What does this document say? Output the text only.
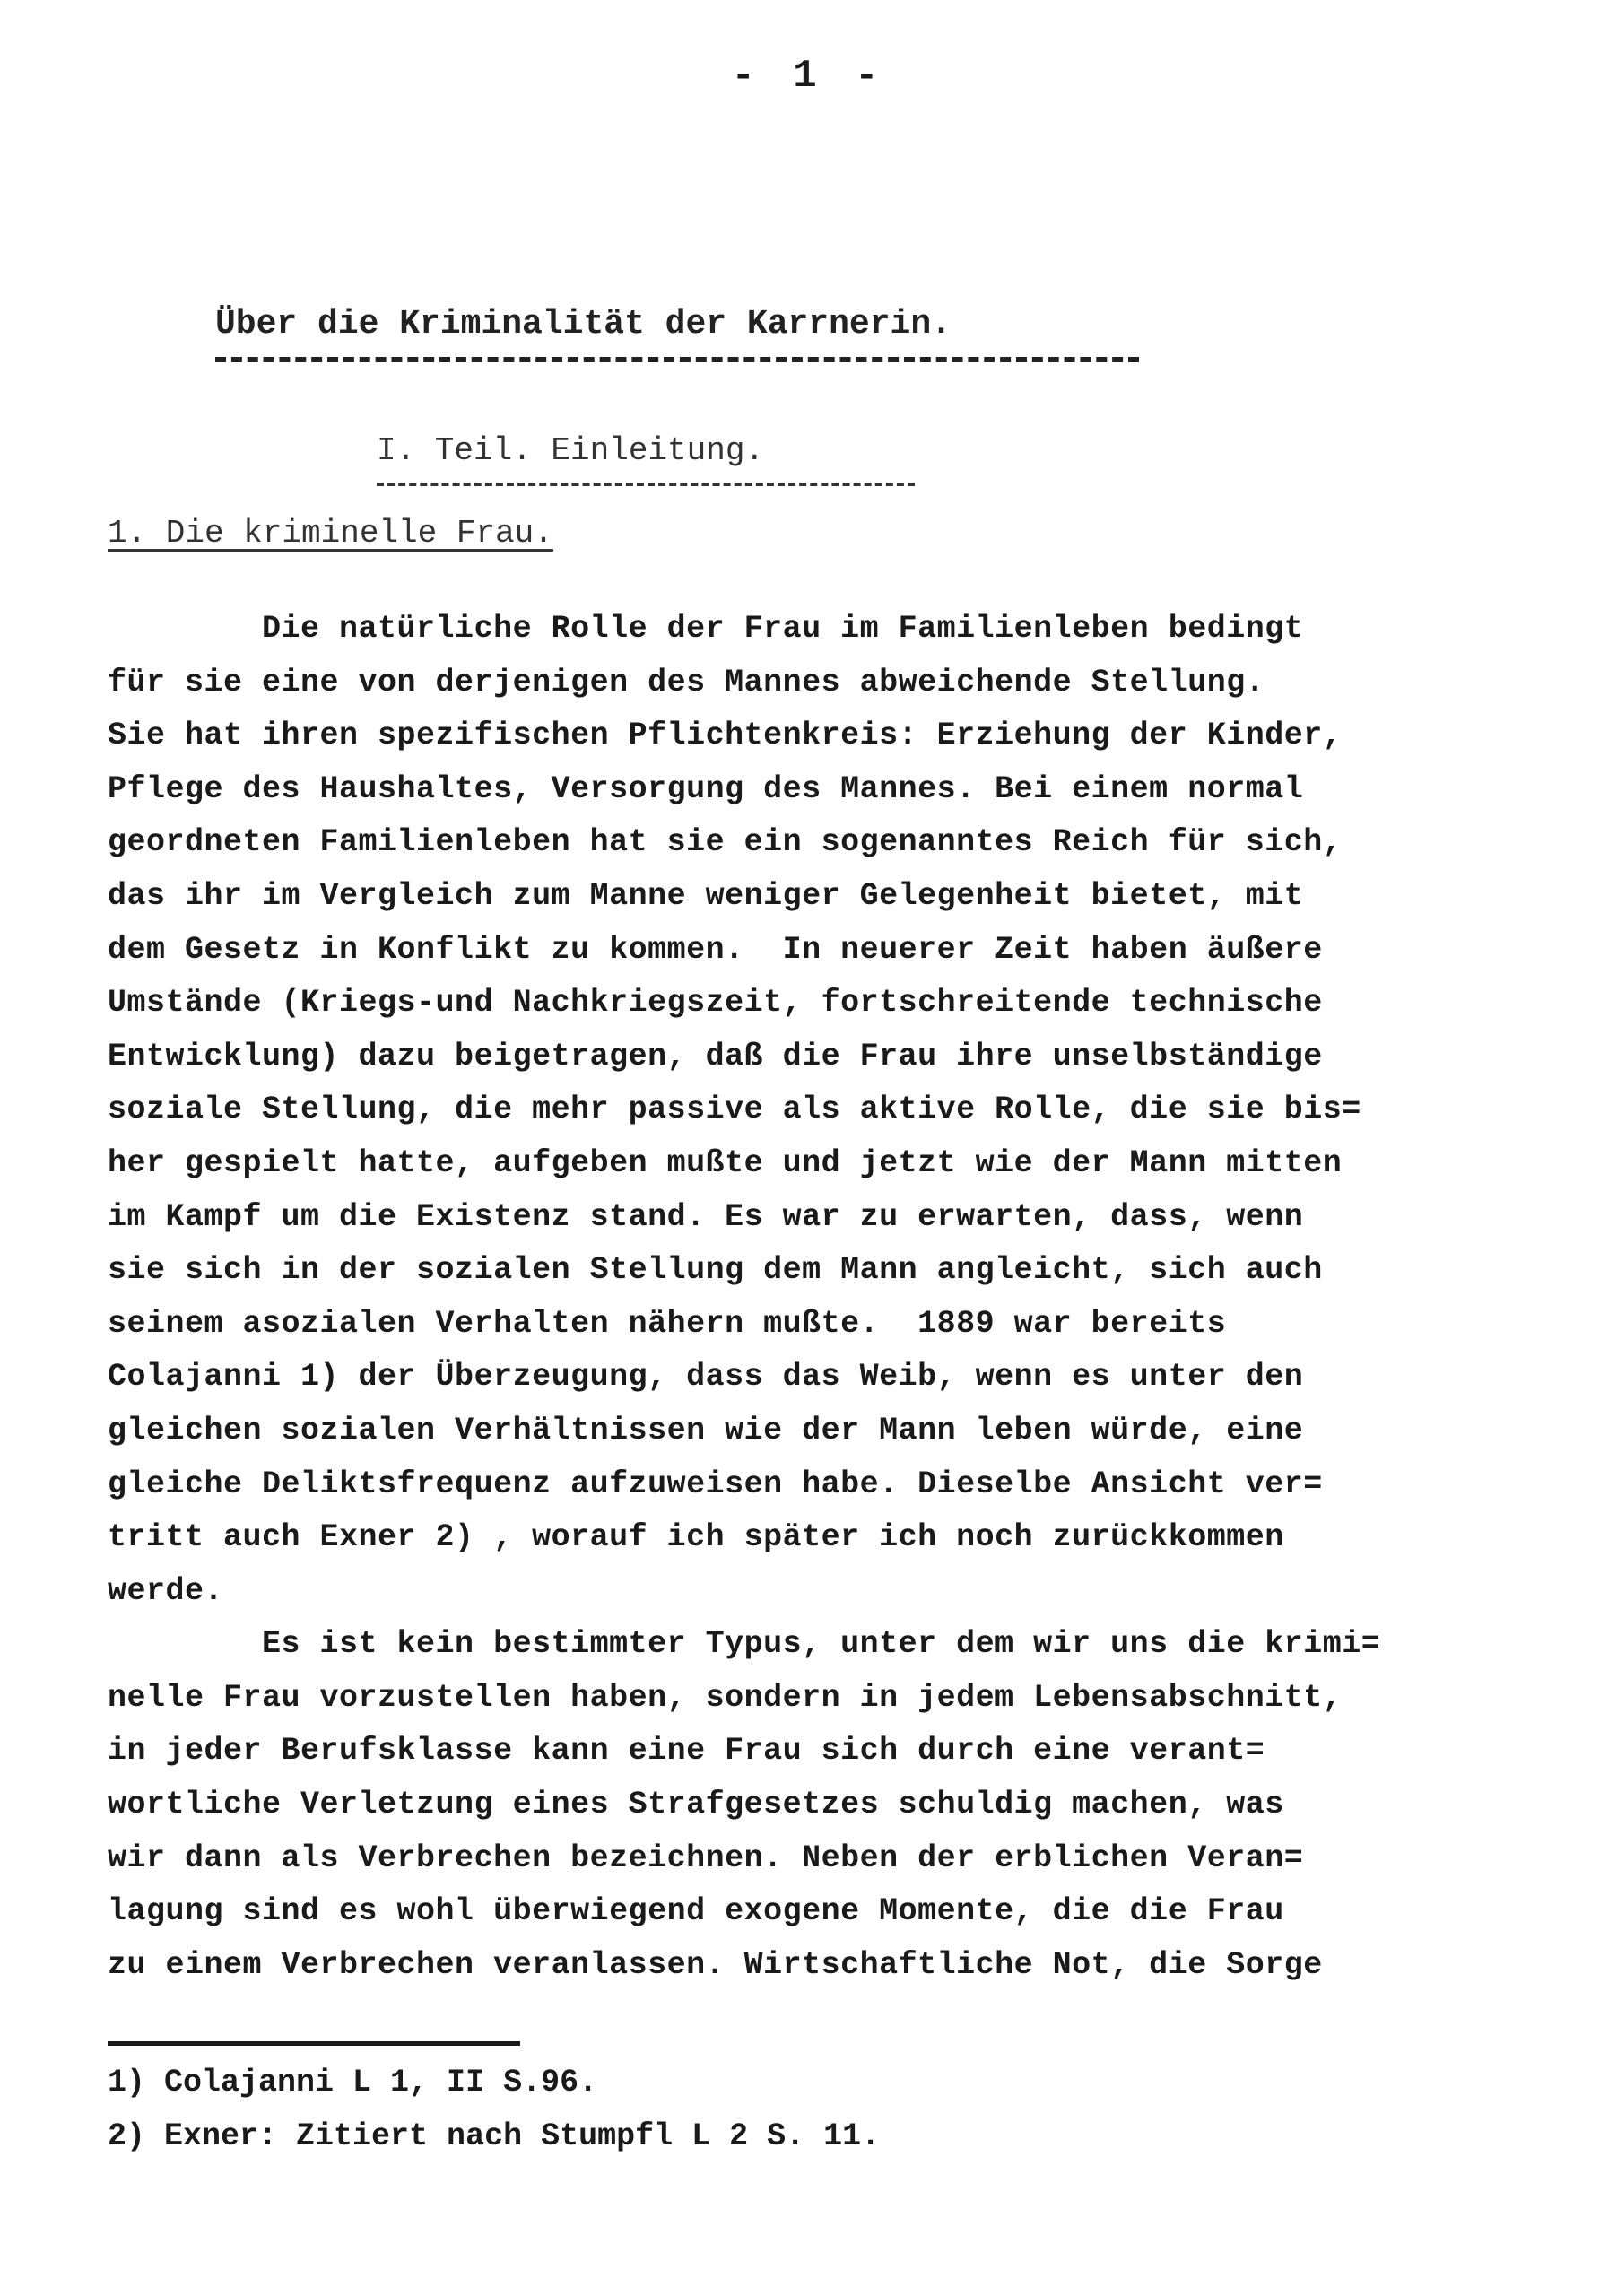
- 1 -
Über die Kriminalität der Karrnerin.
I. Teil. Einleitung.
1. Die kriminelle Frau.
Die natürliche Rolle der Frau im Familienleben bedingt
für sie eine von derjenigen des Mannes abweichende Stellung.
Sie hat ihren spezifischen Pflichtenkreis: Erziehung der Kinder,
Pflege des Haushaltes, Versorgung des Mannes. Bei einem normal
geordneten Familienleben hat sie ein sogenanntes Reich für sich,
das ihr im Vergleich zum Manne weniger Gelegenheit bietet, mit
dem Gesetz in Konflikt zu kommen.  In neuerer Zeit haben äußere
Umstände (Kriegs-und Nachkriegszeit, fortschreitende technische
Entwicklung) dazu beigetragen, daß die Frau ihre unselbständige
soziale Stellung, die mehr passive als aktive Rolle, die sie bis=
her gespielt hatte, aufgeben mußte und jetzt wie der Mann mitten
im Kampf um die Existenz stand. Es war zu erwarten, dass, wenn
sie sich in der sozialen Stellung dem Mann angleicht, sich auch
seinem asozialen Verhalten nähern mußte.  1889 war bereits
Colajanni 1) der Überzeugung, dass das Weib, wenn es unter den
gleichen sozialen Verhältnissen wie der Mann leben würde, eine
gleiche Deliktsfrequenz aufzuweisen habe. Dieselbe Ansicht ver=
tritt auch Exner 2) , worauf ich später ich noch zurückkommen
werde.
Es ist kein bestimmter Typus, unter dem wir uns die krimi=
nelle Frau vorzustellen haben, sondern in jedem Lebensabschnitt,
in jeder Berufsklasse kann eine Frau sich durch eine verant=
wortliche Verletzung eines Strafgesetzes schuldig machen, was
wir dann als Verbrechen bezeichnen. Neben der erblichen Veran=
lagung sind es wohl überwiegend exogene Momente, die die Frau
zu einem Verbrechen veranlassen. Wirtschaftliche Not, die Sorge
1) Colajanni L 1, II S.96.
2) Exner: Zitiert nach Stumpfl L 2 S. 11.
